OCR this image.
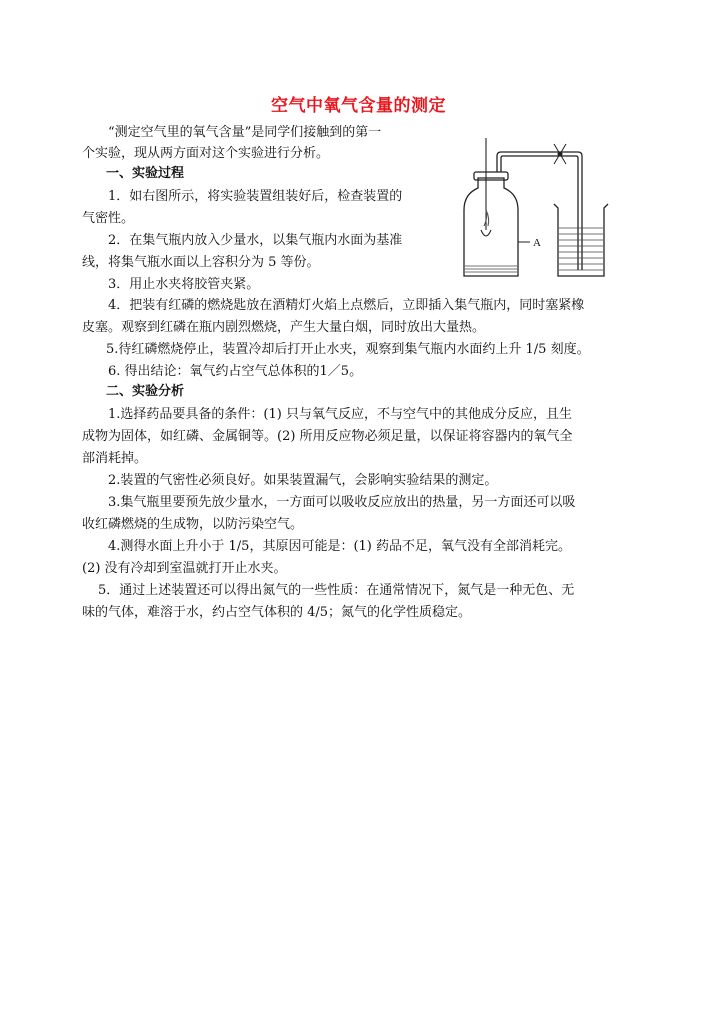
空气中氧气含量的测定
“测定空气里的氧气含量”是同学们接触到的第一
个实验，现从两方面对这个实验进行分析。
一、实验过程
1．如右图所示，将实验装置组装好后，检查装置的
气密性。
2．在集气瓶内放入少量水，以集气瓶内水面为基准
线，将集气瓶水面以上容积分为 5 等份。
3．用止水夹将胶管夹紧。
4．把装有红磷的燃烧匙放在酒精灯火焰上点燃后，立即插入集气瓶内，同时塞紧橡
皮塞。观察到红磷在瓶内剧烈燃烧，产生大量白烟，同时放出大量热。
5.待红磷燃烧停止，装置冷却后打开止水夹，观察到集气瓶内水面约上升 1/5 刻度。
6. 得出结论：氧气约占空气总体积的1／5。
二、实验分析
1.选择药品要具备的条件：(1) 只与氧气反应，不与空气中的其他成分反应，且生
成物为固体，如红磷、金属铜等。(2) 所用反应物必须足量，以保证将容器内的氧气全
部消耗掉。
2.装置的气密性必须良好。如果装置漏气，会影响实验结果的测定。
3.集气瓶里要预先放少量水，一方面可以吸收反应放出的热量，另一方面还可以吸
收红磷燃烧的生成物，以防污染空气。
4.测得水面上升小于 1/5，其原因可能是：(1) 药品不足，氧气没有全部消耗完。
(2) 没有冷却到室温就打开止水夹。
5．通过上述装置还可以得出氮气的一些性质：在通常情况下，氮气是一种无色、无
味的气体，难溶于水，约占空气体积的 4/5；氮气的化学性质稳定。
A
